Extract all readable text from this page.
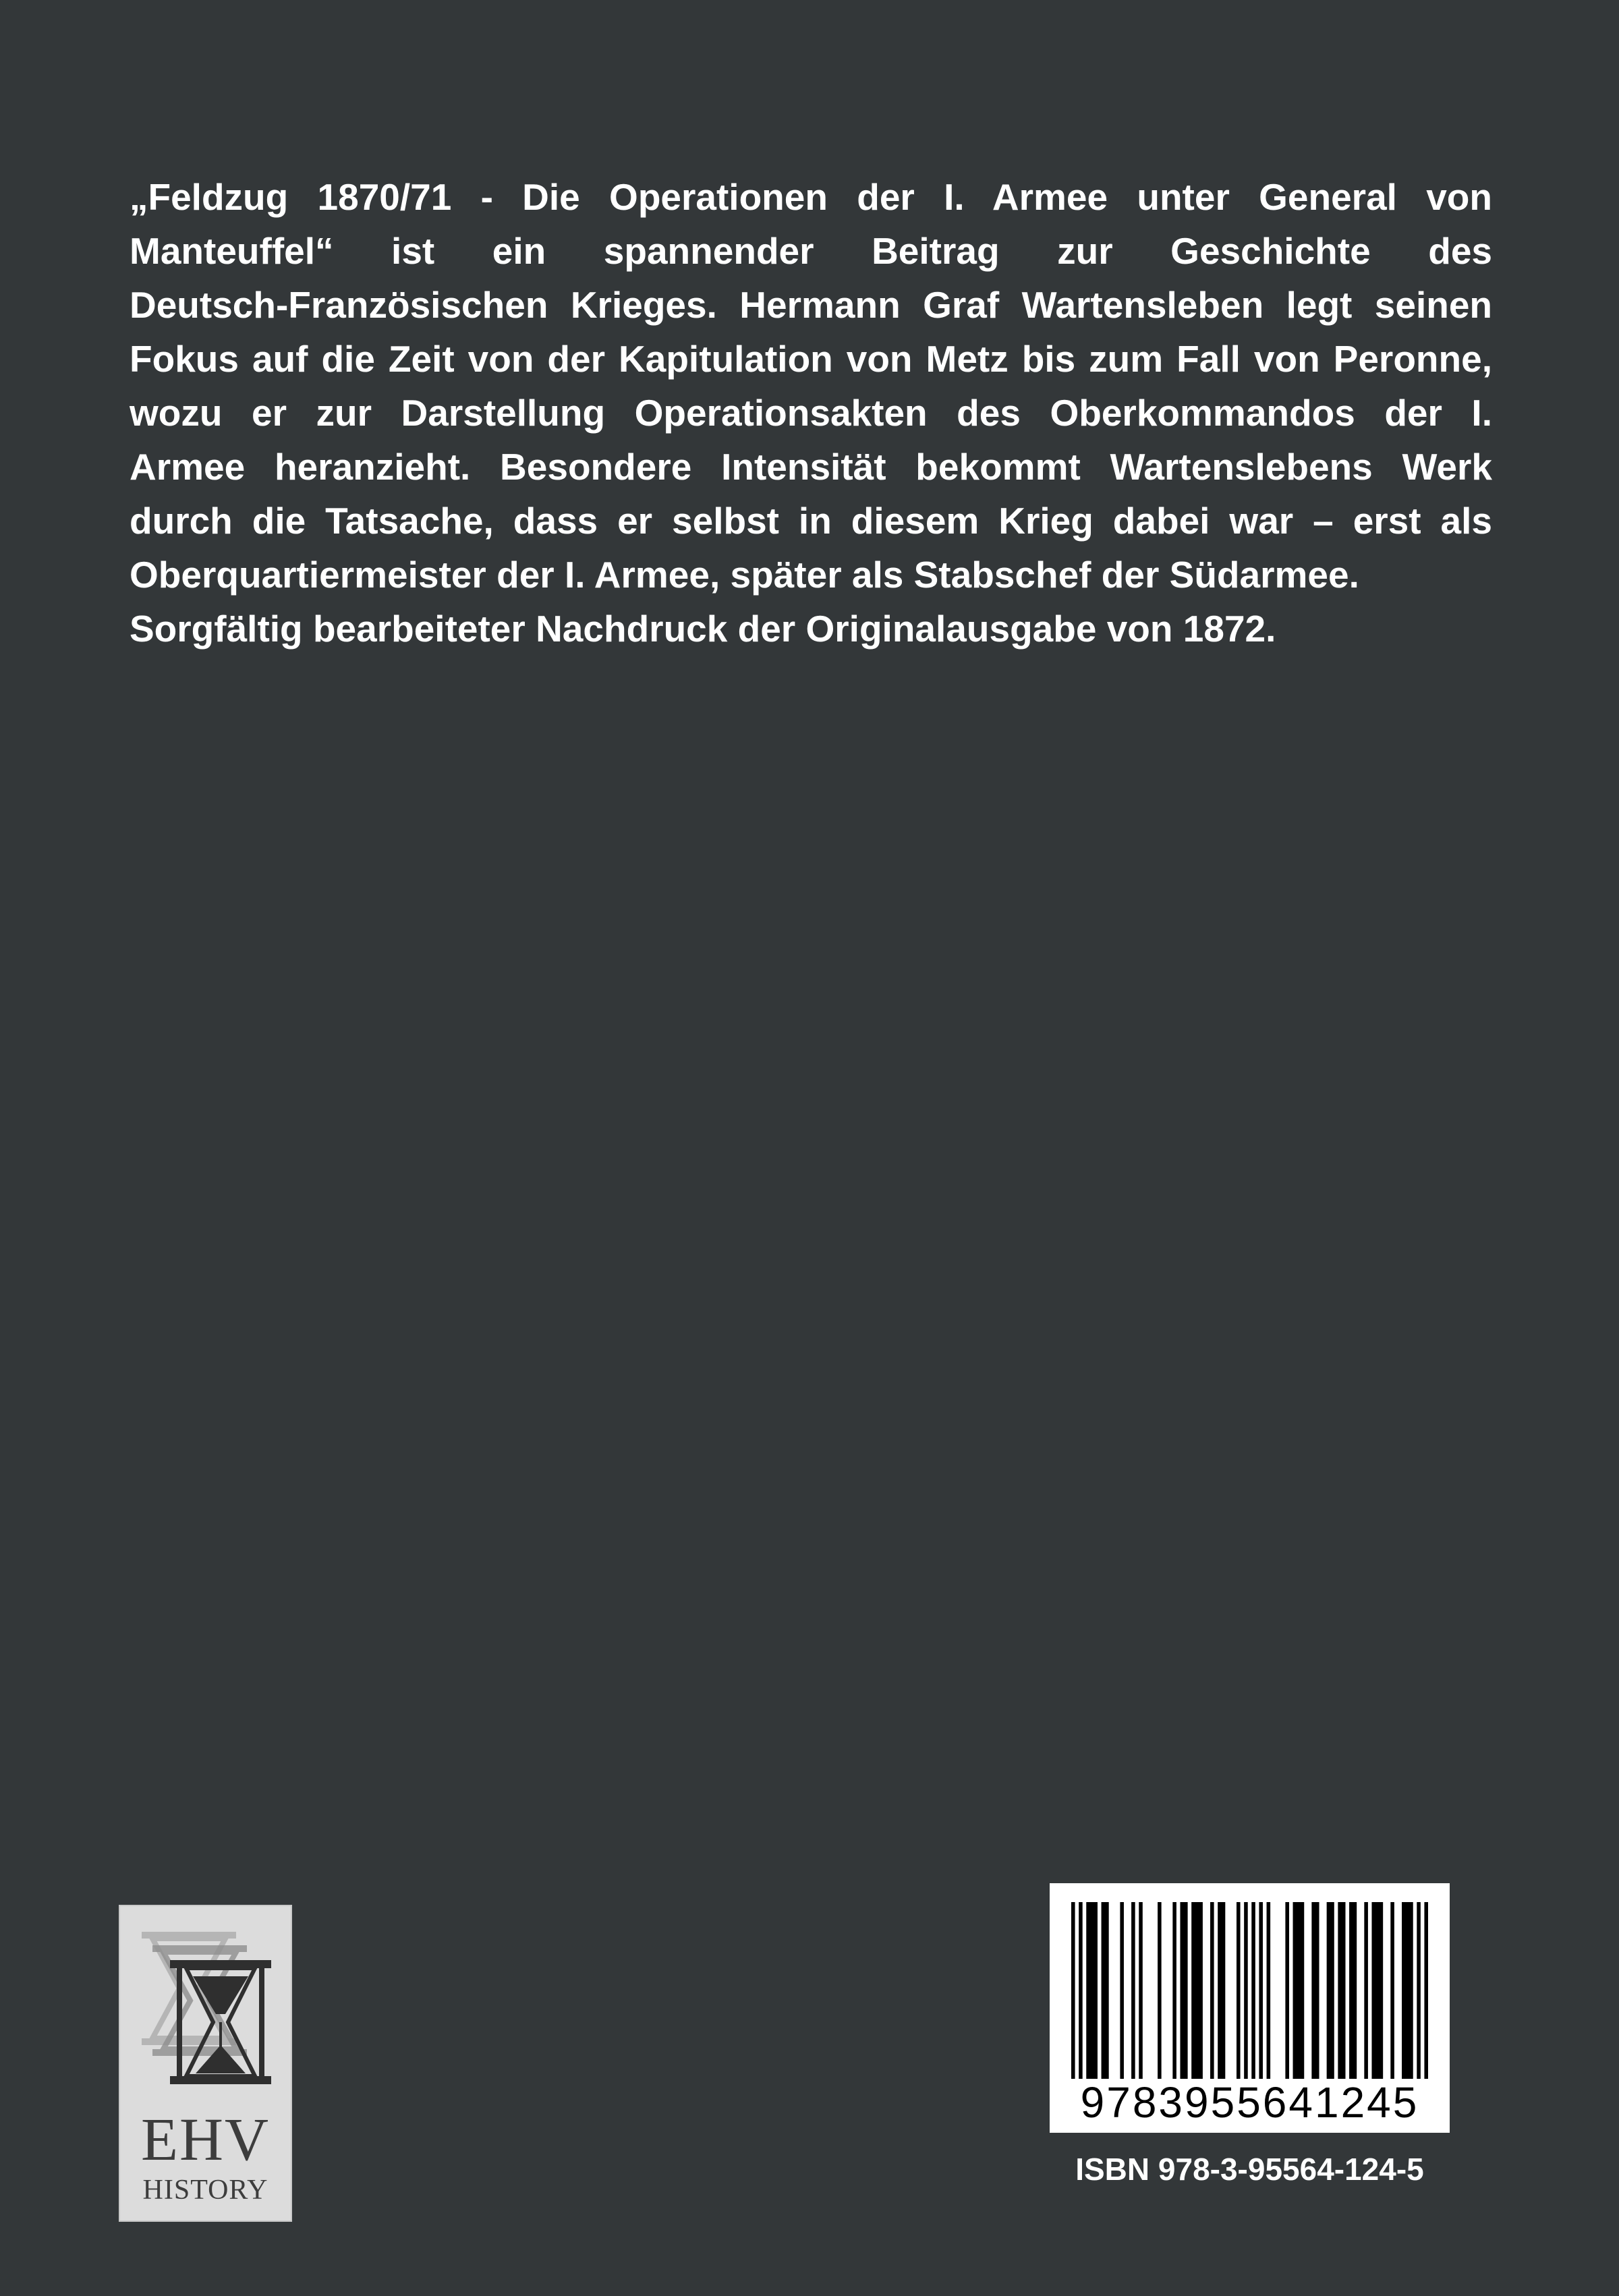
„Feldzug 1870/71 - Die Operationen der I. Armee unter General von
Manteuffel“ ist ein spannender Beitrag zur Geschichte des
Deutsch-Französischen Krieges. Hermann Graf Wartensleben legt seinen
Fokus auf die Zeit von der Kapitulation von Metz bis zum Fall von Peronne,
wozu er zur Darstellung Operationsakten des Oberkommandos der I.
Armee heranzieht. Besondere Intensität bekommt Wartenslebens Werk
durch die Tatsache, dass er selbst in diesem Krieg dabei war – erst als
Oberquartiermeister der I. Armee, später als Stabschef der Südarmee.
Sorgfältig bearbeiteter Nachdruck der Originalausgabe von 1872.
EHV
HISTORY
9783955641245
ISBN 978-3-95564-124-5
